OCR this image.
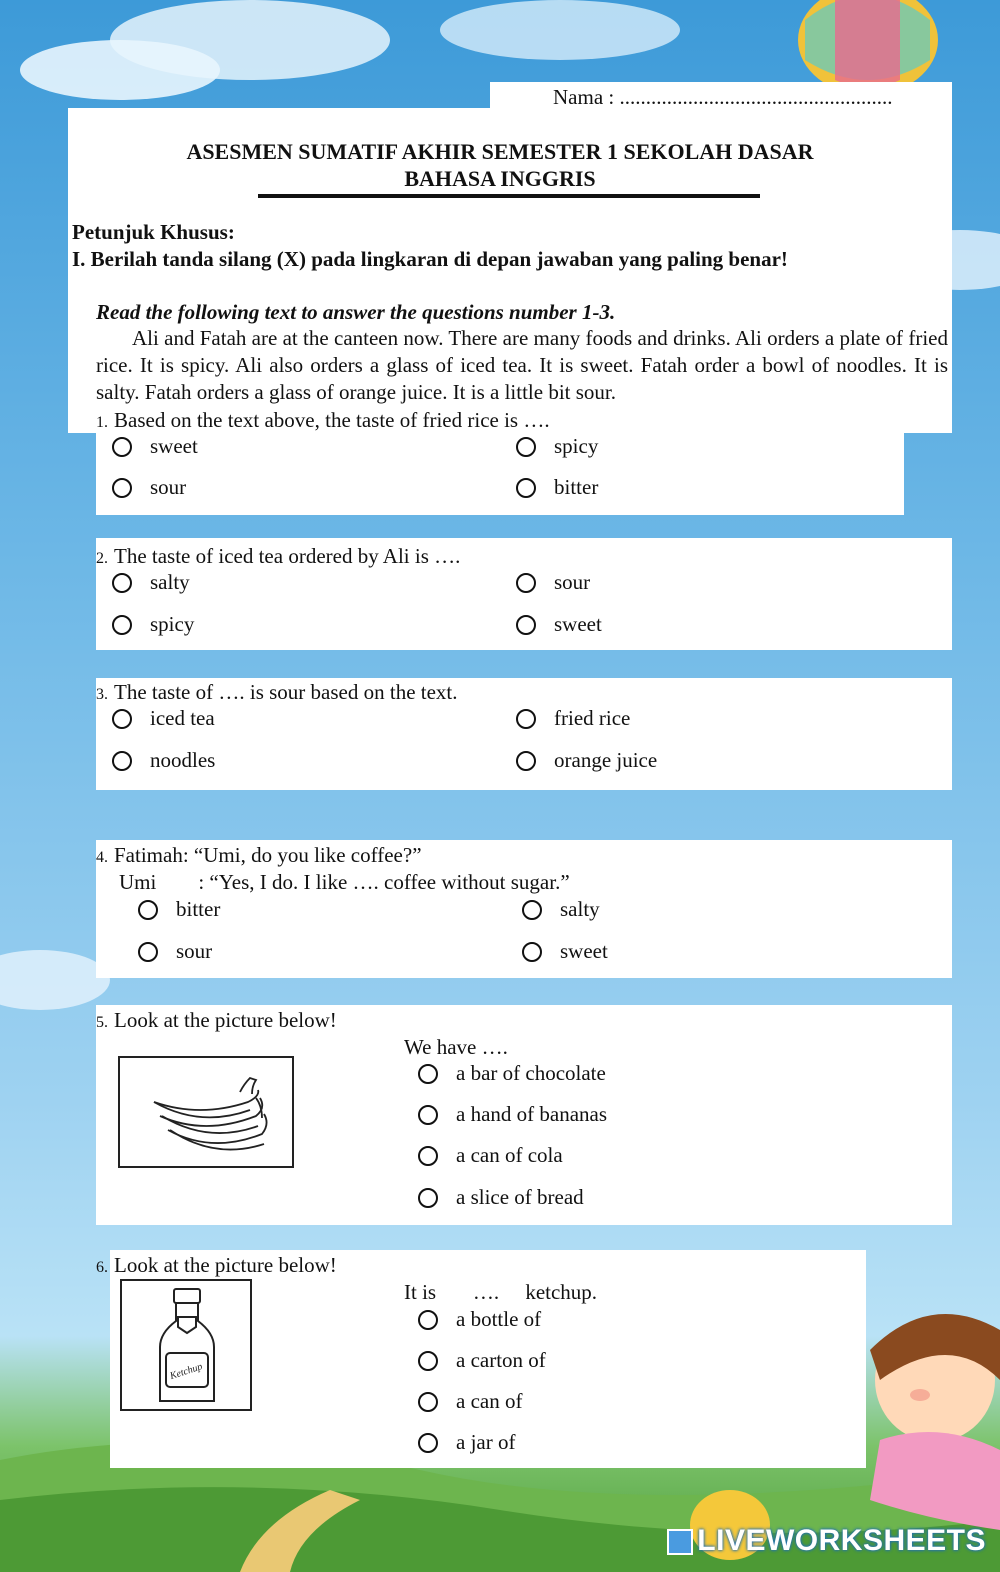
Nama : ....................................................
ASESMEN SUMATIF AKHIR SEMESTER 1 SEKOLAH DASAR
BAHASA INGGRIS
Petunjuk Khusus:
I. Berilah tanda silang (X) pada lingkaran di depan jawaban yang paling benar!
Read the following text to answer the questions number 1-3.
Ali and Fatah are at the canteen now. There are many foods and drinks. Ali orders a plate of fried rice. It is spicy. Ali also orders a glass of iced tea. It is sweet. Fatah order a bowl of noodles. It is salty. Fatah orders a glass of orange juice. It is a little bit sour.
1. Based on the text above, the taste of fried rice is ….
sweet	spicy
sour	bitter
2. The taste of iced tea ordered by Ali is ….
salty	sour
spicy	sweet
3. The taste of …. is sour based on the text.
iced tea	fried rice
noodles	orange juice
4. Fatimah: “Umi, do you like coffee?”
Umi        : “Yes, I do. I like …. coffee without sugar.”
bitter	salty
sour	sweet
5. Look at the picture below!
We have ….
a bar of chocolate
a hand of bananas
a can of cola
a slice of bread
6. Look at the picture below!
It is       ….     ketchup.
Ketchup
a bottle of
a carton of
a can of
a jar of
LIVEWORKSHEETS
